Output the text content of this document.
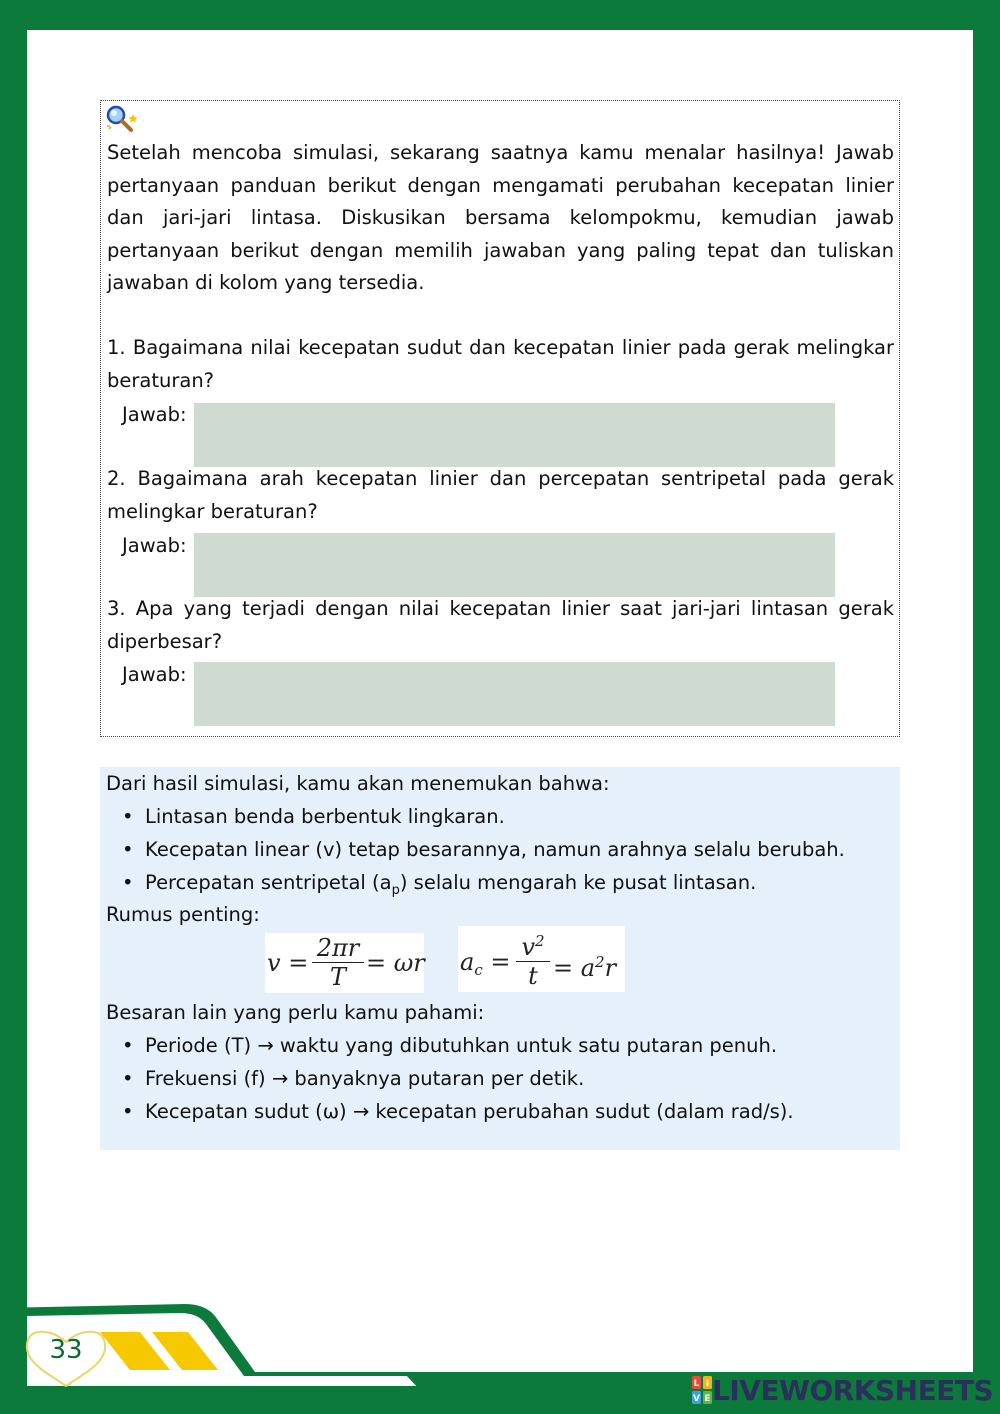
Setelah mencoba simulasi, sekarang saatnya kamu menalar hasilnya! Jawab pertanyaan panduan berikut dengan mengamati perubahan kecepatan linier dan jari-jari lintasa. Diskusikan bersama kelompokmu, kemudian jawab pertanyaan berikut dengan memilih jawaban yang paling tepat dan tuliskan jawaban di kolom yang tersedia.

1. Bagaimana nilai kecepatan sudut dan kecepatan linier pada gerak melingkar beraturan?

Jawab:

2. Bagaimana arah kecepatan linier dan percepatan sentripetal pada gerak melingkar beraturan?

Jawab:

3. Apa yang terjadi dengan nilai kecepatan linier saat jari-jari lintasan gerak diperbesar?

Jawab:

Dari hasil simulasi, kamu akan menemukan bahwa:

• Lintasan benda berbentuk lingkaran.

• Kecepatan linear (v) tetap besarannya, namun arahnya selalu berubah.

• Percepatan sentripetal $(a_p)$ selalu mengarah ke pusat lintasan.

Rumus penting:

$v = \frac{2\pi r}{T} = \omega r$ $a_c = \frac{v^2}{t} = a^2r$

Besaran lain yang perlu kamu pahami:

• Periode (T) → waktu yang dibutuhkan untuk satu putaran penuh.

• Frekuensi (f) → banyaknya putaran per detik.

• Kecepatan sudut (ω) → kecepatan perubahan sudut (dalam rad/s).

33
L I
V E LIVEWORKSHEETS
